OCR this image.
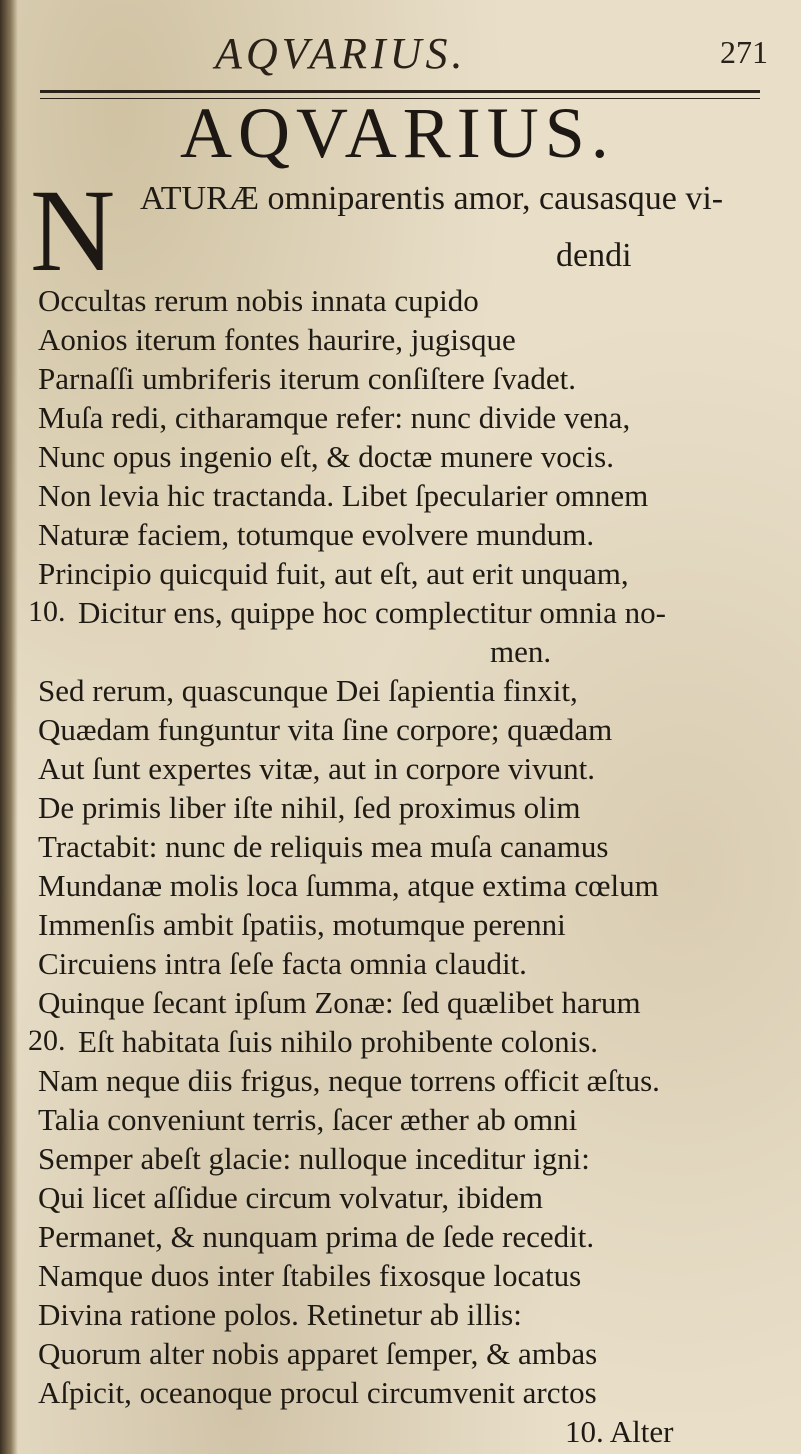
AQVARIUS.	271
AQVARIUS.
N ATURÆ omniparentis amor, causasque vi-
dendi
Occultas rerum nobis innata cupido
Aonios iterum fontes haurire, jugisque
Parnaſſi umbriferis iterum conſiſtere ſvadet.
Muſa redi, citharamque refer: nunc divide vena,
Nunc opus ingenio eſt, & doctæ munere vocis.
Non levia hic tractanda. Libet ſpecularier omnem
Naturæ faciem, totumque evolvere mundum.
Principio quicquid fuit, aut eſt, aut erit unquam,
10. Dicitur ens, quippe hoc complectitur omnia no-
men.
Sed rerum, quascunque Dei ſapientia finxit,
Quædam funguntur vita ſine corpore; quædam
Aut ſunt expertes vitæ, aut in corpore vivunt.
De primis liber iſte nihil, ſed proximus olim
Tractabit: nunc de reliquis mea muſa canamus
Mundanæ molis loca ſumma, atque extima cœlum
Immenſis ambit ſpatiis, motumque perenni
Circuiens intra ſeſe facta omnia claudit.
Quinque ſecant ipſum Zonæ: ſed quælibet harum
20. Eſt habitata ſuis nihilo prohibente colonis.
Nam neque diis frigus, neque torrens officit æſtus.
Talia conveniunt terris, ſacer æther ab omni
Semper abeſt glacie: nulloque inceditur igni:
Qui licet aſſidue circum volvatur, ibidem
Permanet, & nunquam prima de ſede recedit.
Namque duos inter ſtabiles fixosque locatus
Divina ratione polos. Retinetur ab illis:
Quorum alter nobis apparet ſemper, & ambas
Aſpicit, oceanoque procul circumvenit arctos
10. Alter
